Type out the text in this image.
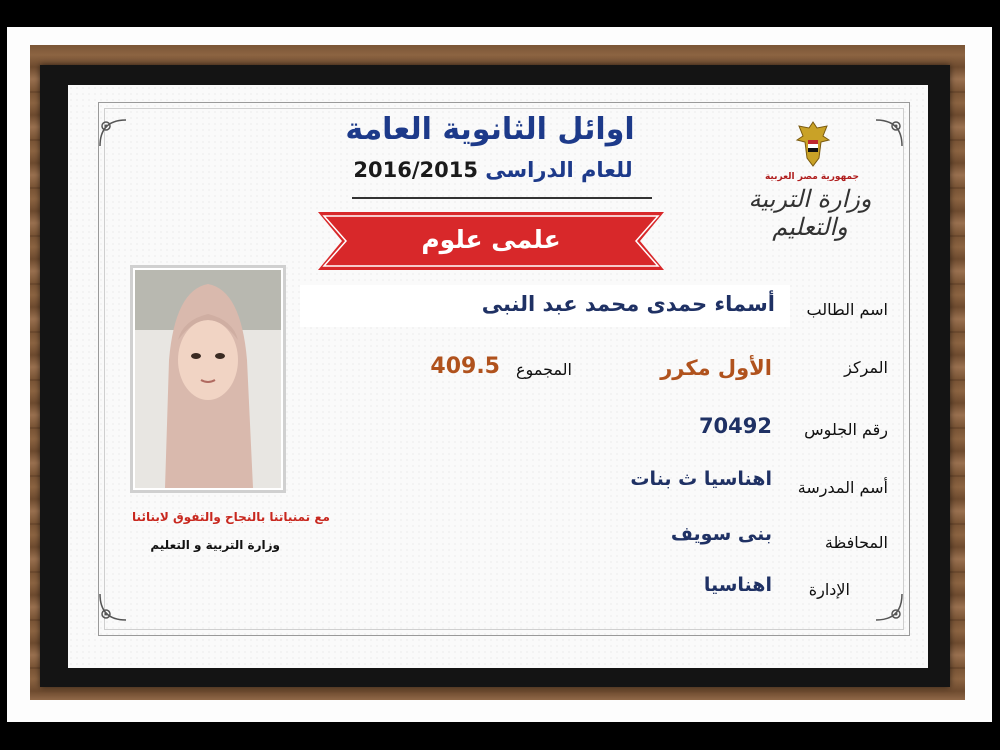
اوائل الثانوية العامة
للعام الدراسى 2016/2015
علمى علوم
جمهورية مصر العربية
وزارة التربية والتعليم
مع تمنياتنا بالنجاح والتفوق لابنائنا
وزارة التربية و التعليم
اسم الطالب
أسماء حمدى محمد عبد النبى
المركز
الأول مكرر
المجموع
409.5
رقم الجلوس
70492
أسم المدرسة
اهناسيا ث بنات
المحافظة
بنى سويف
الإدارة
اهناسيا
